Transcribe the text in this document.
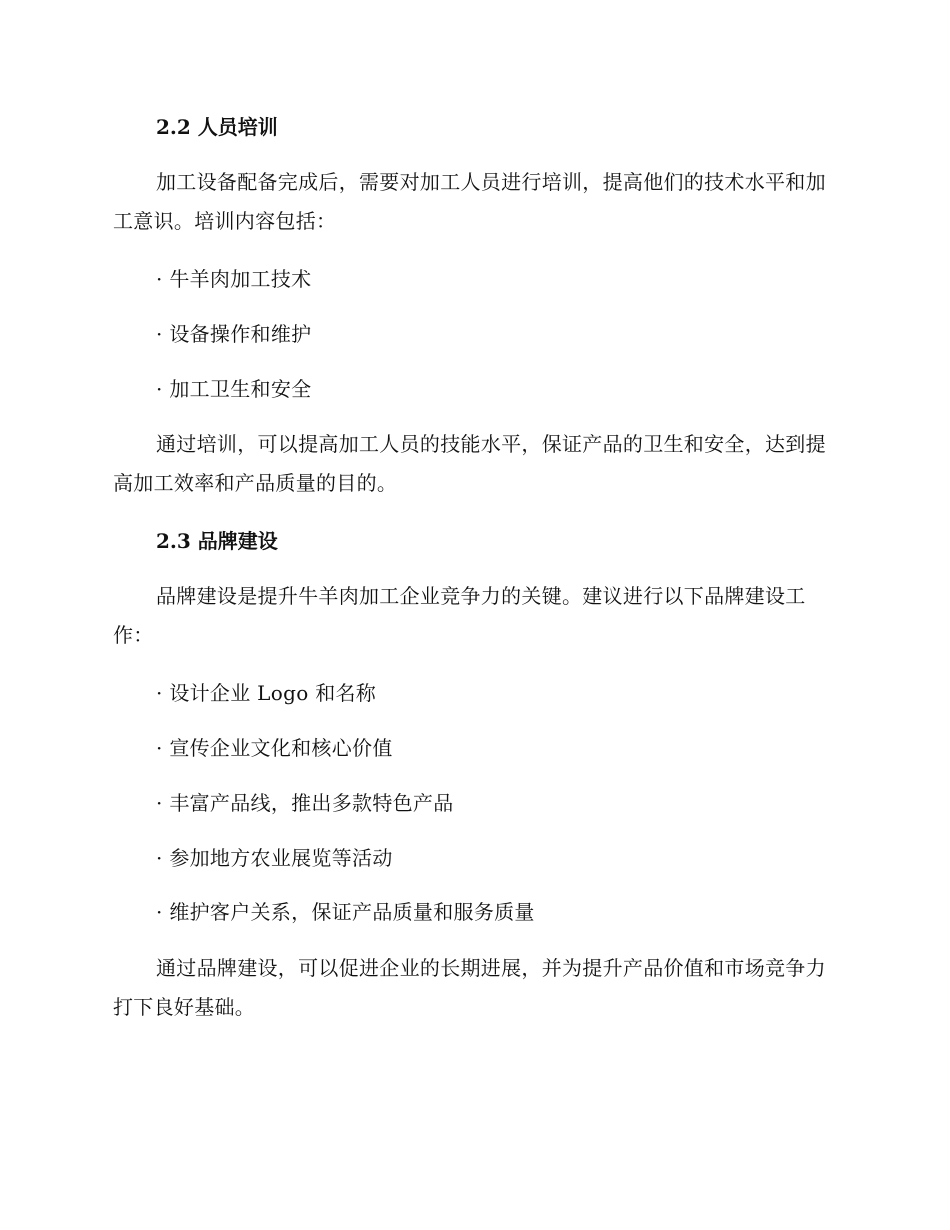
2.2 人员培训
加工设备配备完成后，需要对加工人员进行培训，提高他们的技术水平和加工意识。培训内容包括：
· 牛羊肉加工技术
· 设备操作和维护
· 加工卫生和安全
通过培训，可以提高加工人员的技能水平，保证产品的卫生和安全，达到提高加工效率和产品质量的目的。
2.3 品牌建设
品牌建设是提升牛羊肉加工企业竞争力的关键。建议进行以下品牌建设工作：
· 设计企业 Logo 和名称
· 宣传企业文化和核心价值
· 丰富产品线，推出多款特色产品
· 参加地方农业展览等活动
· 维护客户关系，保证产品质量和服务质量
通过品牌建设，可以促进企业的长期进展，并为提升产品价值和市场竞争力打下良好基础。
